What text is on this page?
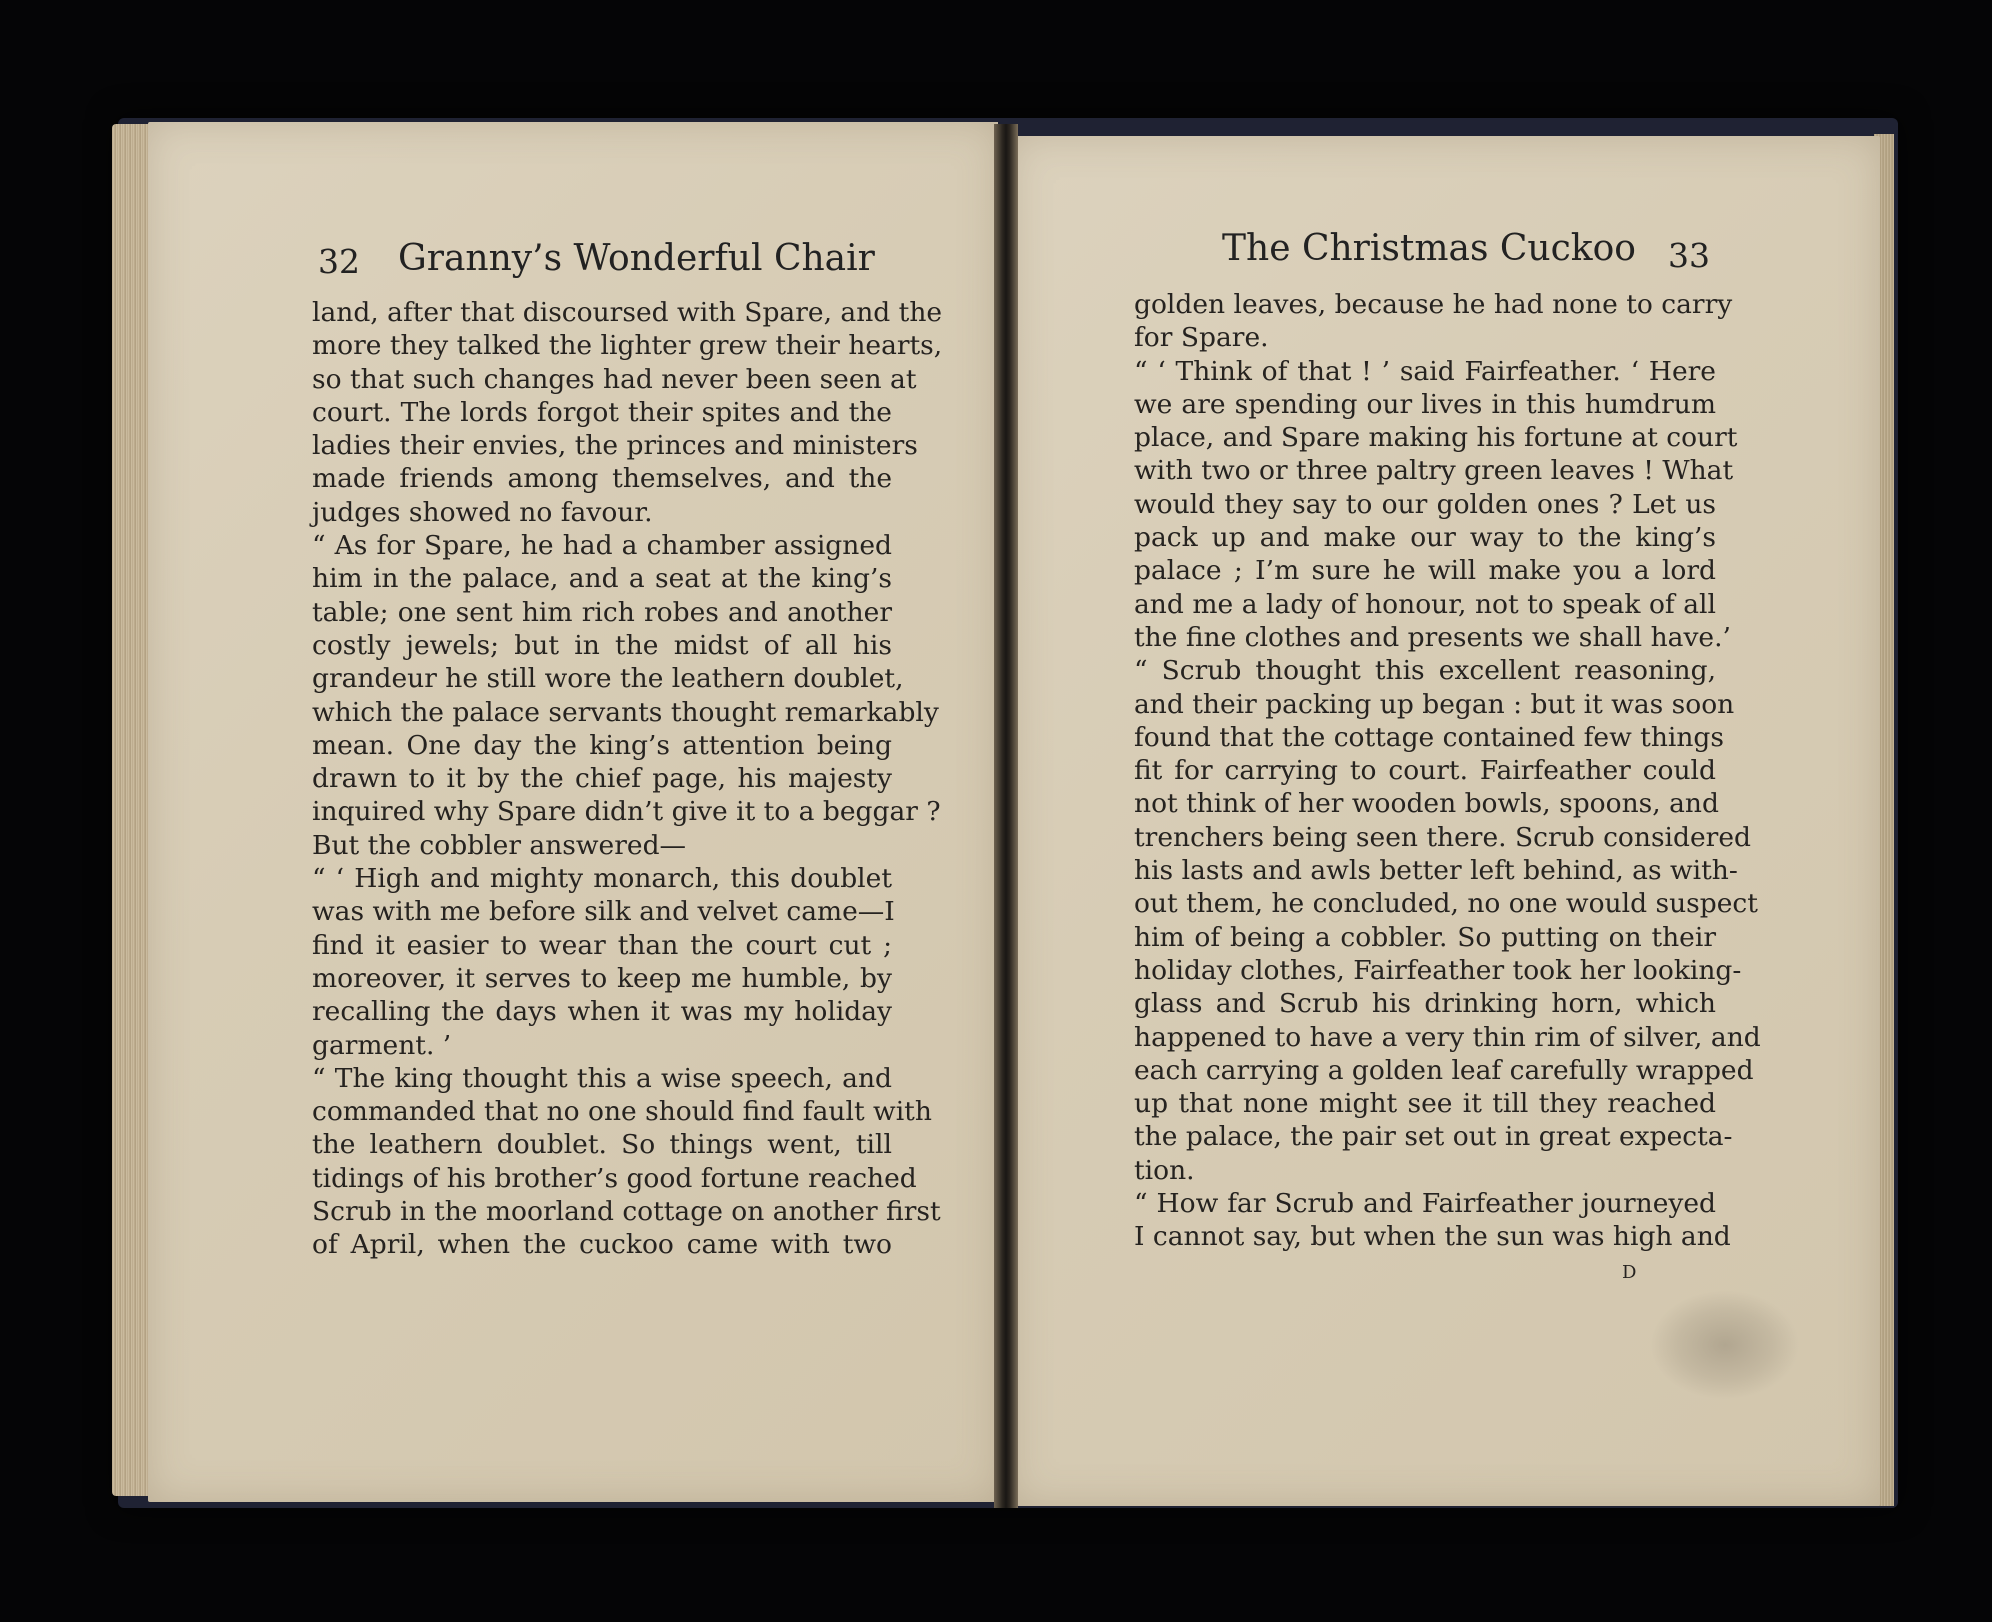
32 Granny’s Wonderful Chair
land, after that discoursed with Spare, and the
more they talked the lighter grew their hearts,
so that such changes had never been seen at
court. The lords forgot their spites and the
ladies their envies, the princes and ministers
made friends among themselves, and the
judges showed no favour.
“ As for Spare, he had a chamber assigned
him in the palace, and a seat at the king’s
table; one sent him rich robes and another
costly jewels; but in the midst of all his
grandeur he still wore the leathern doublet,
which the palace servants thought remarkably
mean. One day the king’s attention being
drawn to it by the chief page, his majesty
inquired why Spare didn’t give it to a beggar ?
But the cobbler answered—
“ ‘ High and mighty monarch, this doublet
was with me before silk and velvet came—I
find it easier to wear than the court cut ;
moreover, it serves to keep me humble, by
recalling the days when it was my holiday
garment. ’
“ The king thought this a wise speech, and
commanded that no one should find fault with
the leathern doublet. So things went, till
tidings of his brother’s good fortune reached
Scrub in the moorland cottage on another first
of April, when the cuckoo came with two
The Christmas Cuckoo 33
golden leaves, because he had none to carry
for Spare.
“ ‘ Think of that ! ’ said Fairfeather. ‘ Here
we are spending our lives in this humdrum
place, and Spare making his fortune at court
with two or three paltry green leaves ! What
would they say to our golden ones ? Let us
pack up and make our way to the king’s
palace ; I’m sure he will make you a lord
and me a lady of honour, not to speak of all
the fine clothes and presents we shall have.’
“ Scrub thought this excellent reasoning,
and their packing up began : but it was soon
found that the cottage contained few things
fit for carrying to court. Fairfeather could
not think of her wooden bowls, spoons, and
trenchers being seen there. Scrub considered
his lasts and awls better left behind, as with-
out them, he concluded, no one would suspect
him of being a cobbler. So putting on their
holiday clothes, Fairfeather took her looking-
glass and Scrub his drinking horn, which
happened to have a very thin rim of silver, and
each carrying a golden leaf carefully wrapped
up that none might see it till they reached
the palace, the pair set out in great expecta-
tion.
“ How far Scrub and Fairfeather journeyed
I cannot say, but when the sun was high and
D
